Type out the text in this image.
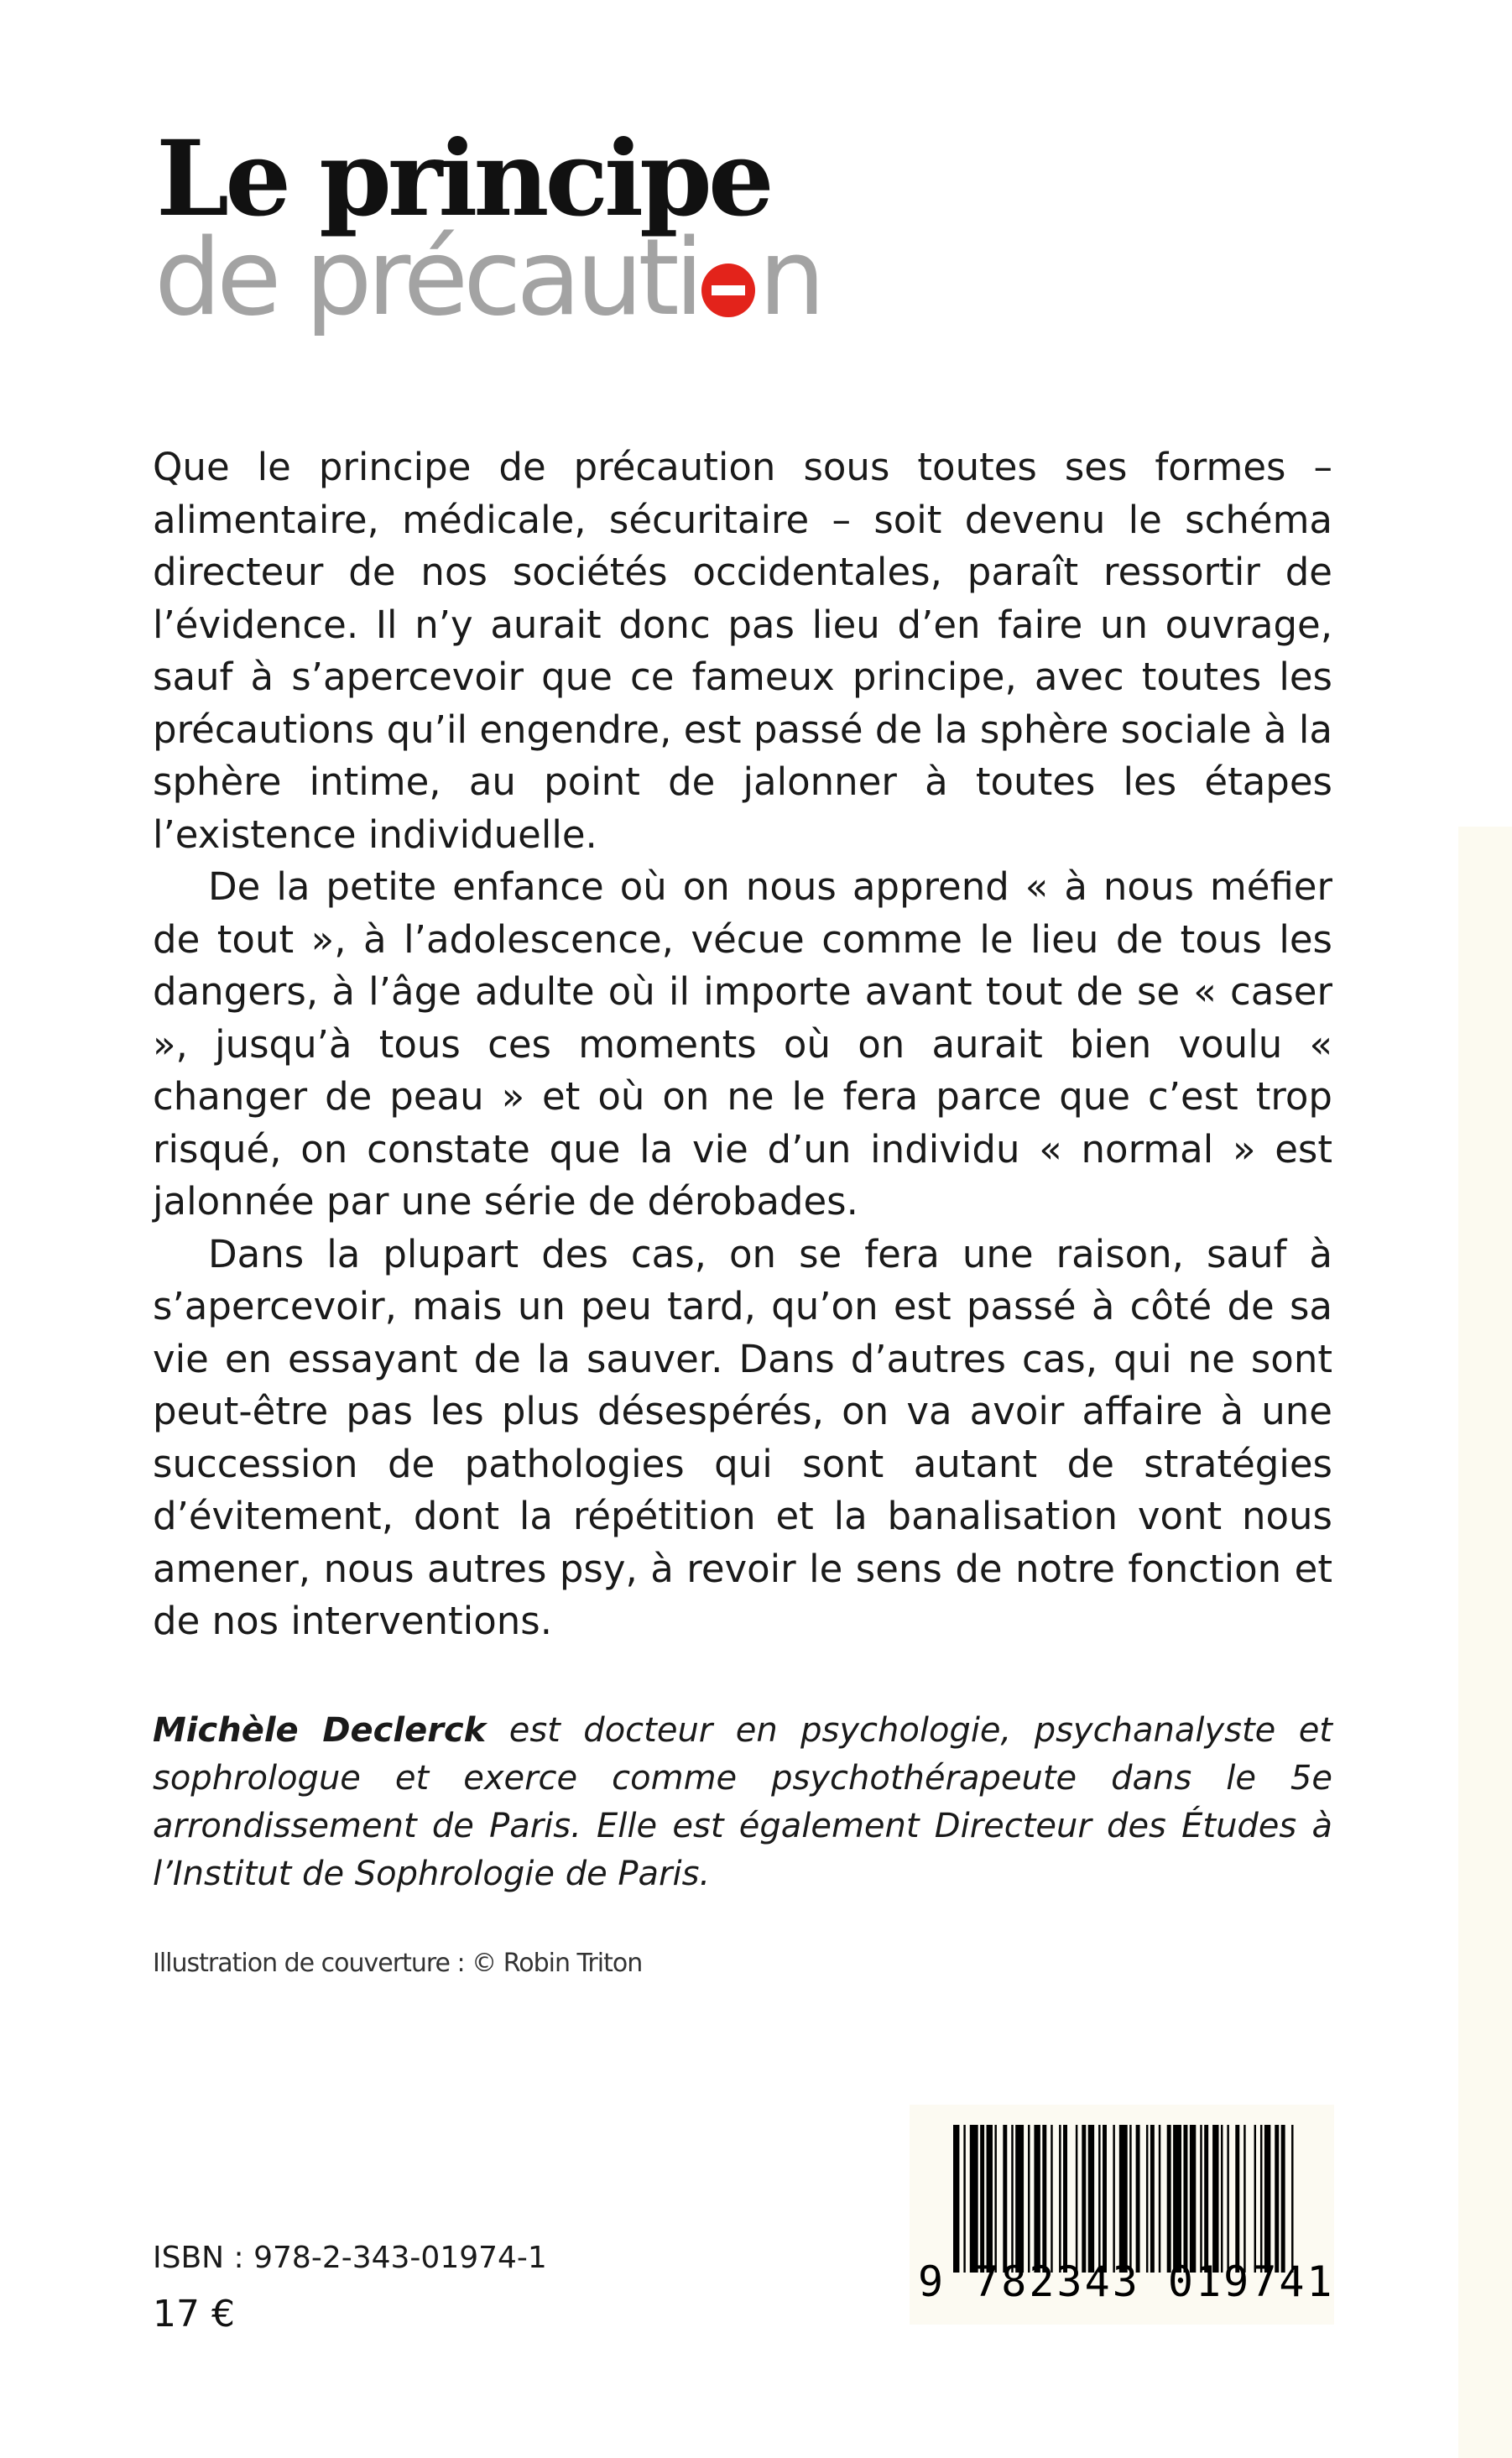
Le principe
de précauti n

Que le principe de précaution sous toutes ses formes – alimentaire, médicale, sécuritaire – soit devenu le schéma directeur de nos sociétés occidentales, paraît ressortir de l’évidence. Il n’y aurait donc pas lieu d’en faire un ouvrage, sauf à s’apercevoir que ce fameux principe, avec toutes les précautions qu’il engendre, est passé de la sphère sociale à la sphère intime, au point de jalonner à toutes les étapes l’existence individuelle.

De la petite enfance où on nous apprend « à nous méfier de tout », à l’adolescence, vécue comme le lieu de tous les dangers, à l’âge adulte où il importe avant tout de se « caser », jusqu’à tous ces moments où on aurait bien voulu « changer de peau » et où on ne le fera parce que c’est trop risqué, on constate que la vie d’un individu « normal » est jalonnée par une série de dérobades.

Dans la plupart des cas, on se fera une raison, sauf à s’apercevoir, mais un peu tard, qu’on est passé à côté de sa vie en essayant de la sauver. Dans d’autres cas, qui ne sont peut-être pas les plus désespérés, on va avoir affaire à une succession de pathologies qui sont autant de stratégies d’évitement, dont la répétition et la banalisation vont nous amener, nous autres psy, à revoir le sens de notre fonction et de nos interventions.

Michèle Declerck est docteur en psychologie, psychanalyste et sophrologue et exerce comme psychothérapeute dans le 5e arrondissement de Paris. Elle est également Directeur des Études à l’Institut de Sophrologie de Paris.

Illustration de couverture : © Robin Triton

9 782343 019741

ISBN : 978-2-343-01974-1

17 €
